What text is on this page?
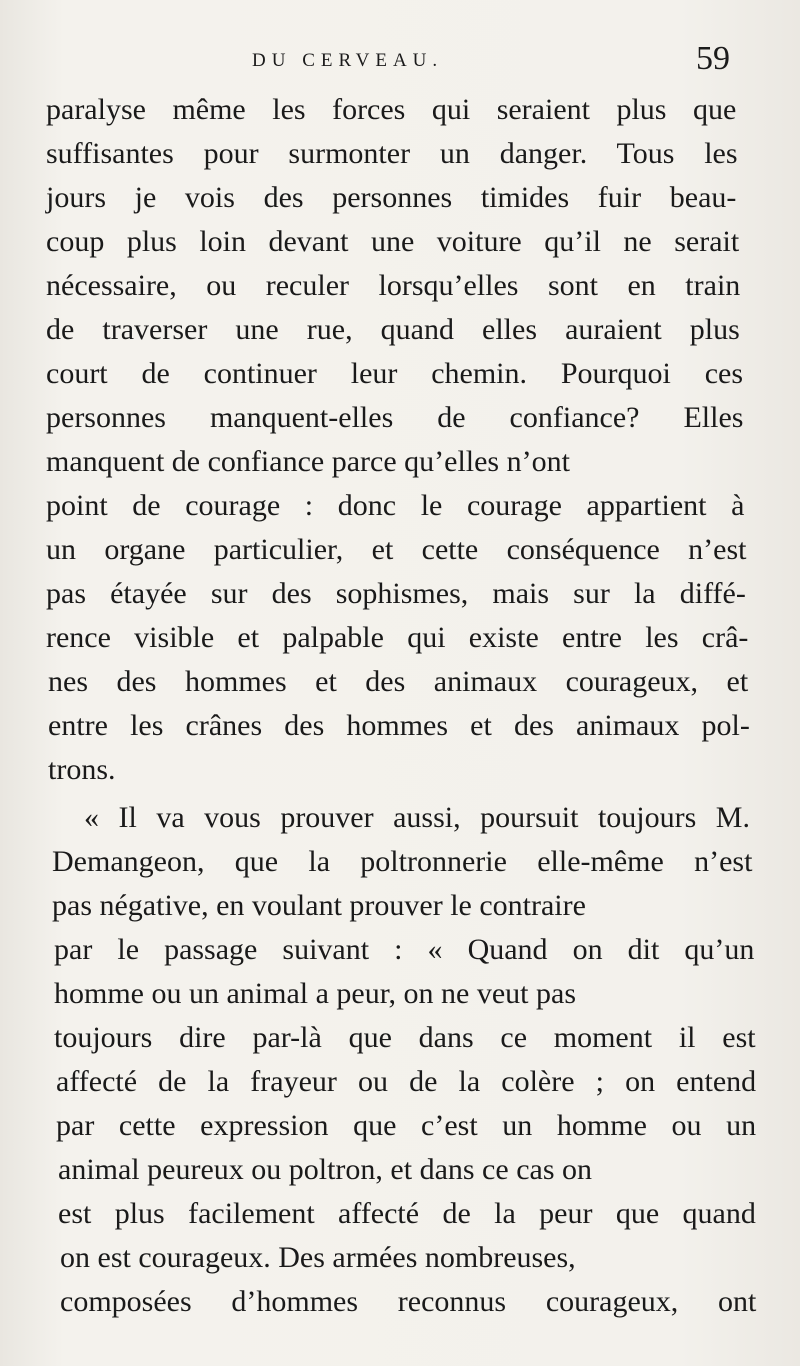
DU CERVEAU.	59
paralyse même les forces qui seraient plus que
suffisantes pour surmonter un danger. Tous les
jours je vois des personnes timides fuir beau-
coup plus loin devant une voiture qu’il ne serait
nécessaire, ou reculer lorsqu’elles sont en train
de traverser une rue, quand elles auraient plus
court de continuer leur chemin. Pourquoi ces
personnes manquent-elles de confiance? Elles
manquent de confiance parce qu’elles n’ont
point de courage : donc le courage appartient à
un organe particulier, et cette conséquence n’est
pas étayée sur des sophismes, mais sur la diffé-
rence visible et palpable qui existe entre les crâ-
nes des hommes et des animaux courageux, et
entre les crânes des hommes et des animaux pol-
trons.
« Il va vous prouver aussi, poursuit toujours M.
Demangeon, que la poltronnerie elle-même n’est
pas négative, en voulant prouver le contraire
par le passage suivant : « Quand on dit qu’un
homme ou un animal a peur, on ne veut pas
toujours dire par-là que dans ce moment il est
affecté de la frayeur ou de la colère ; on entend
par cette expression que c’est un homme ou un
animal peureux ou poltron, et dans ce cas on
est plus facilement affecté de la peur que quand
on est courageux. Des armées nombreuses,
composées d’hommes reconnus courageux, ont
